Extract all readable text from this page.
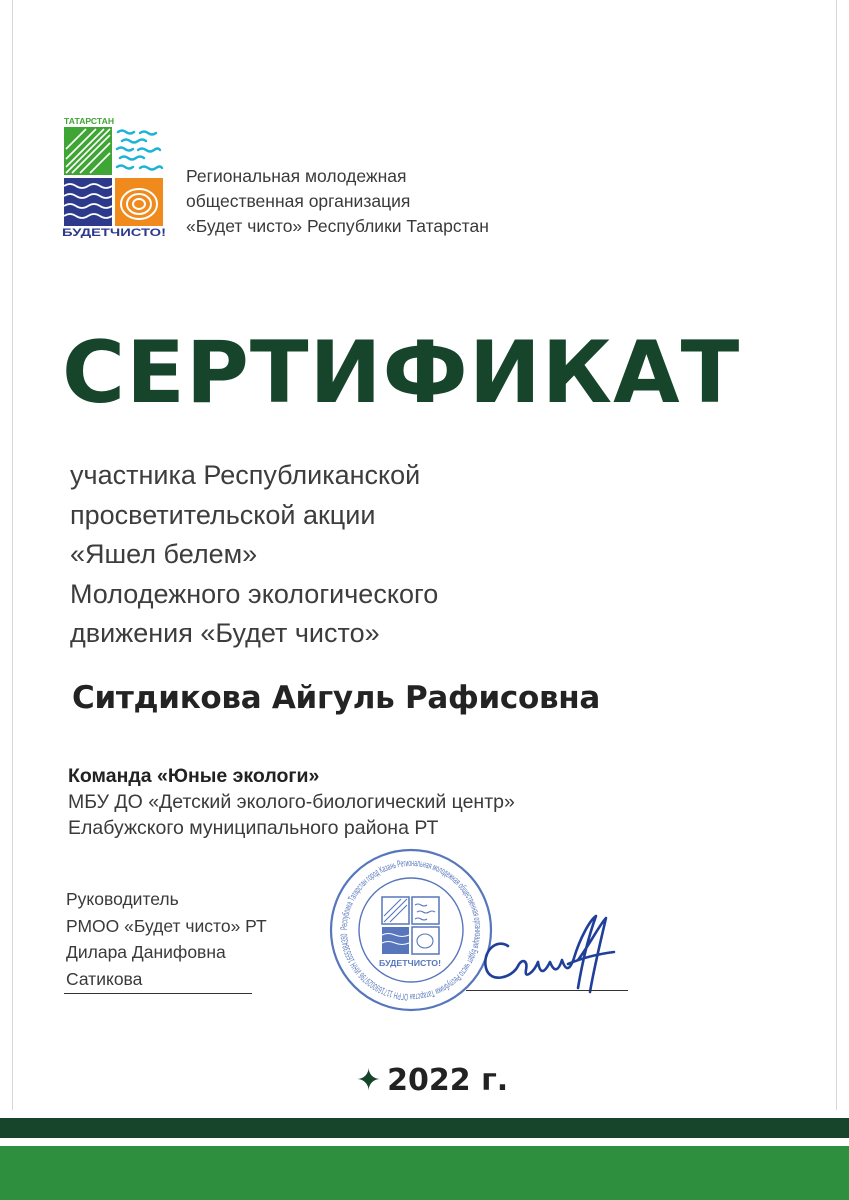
ТАТАРСТАН
БУДЕТЧИСТО!
Региональная молодежная
общественная организация
«Будет чисто» Республики Татарстан
СЕРТИФИКАТ
участника Республиканской
просветительской акции
«Яшел белем»
Молодежного экологического
движения «Будет чисто»
Ситдикова Айгуль Рафисовна
Команда «Юные экологи»
МБУ ДО «Детский эколого-биологический центр»
Елабужского муниципального района РТ
Руководитель
РМОО «Будет чисто» РТ
Дилара Данифовна
Сатикова
Республика Татарстан город Казань Региональная молодежная общественная организация Будет чисто Республики Татарстан ОГРН 1171690029796 ИНН 1655384350
БУДЕТЧИСТО!
✦ 2022 г.
